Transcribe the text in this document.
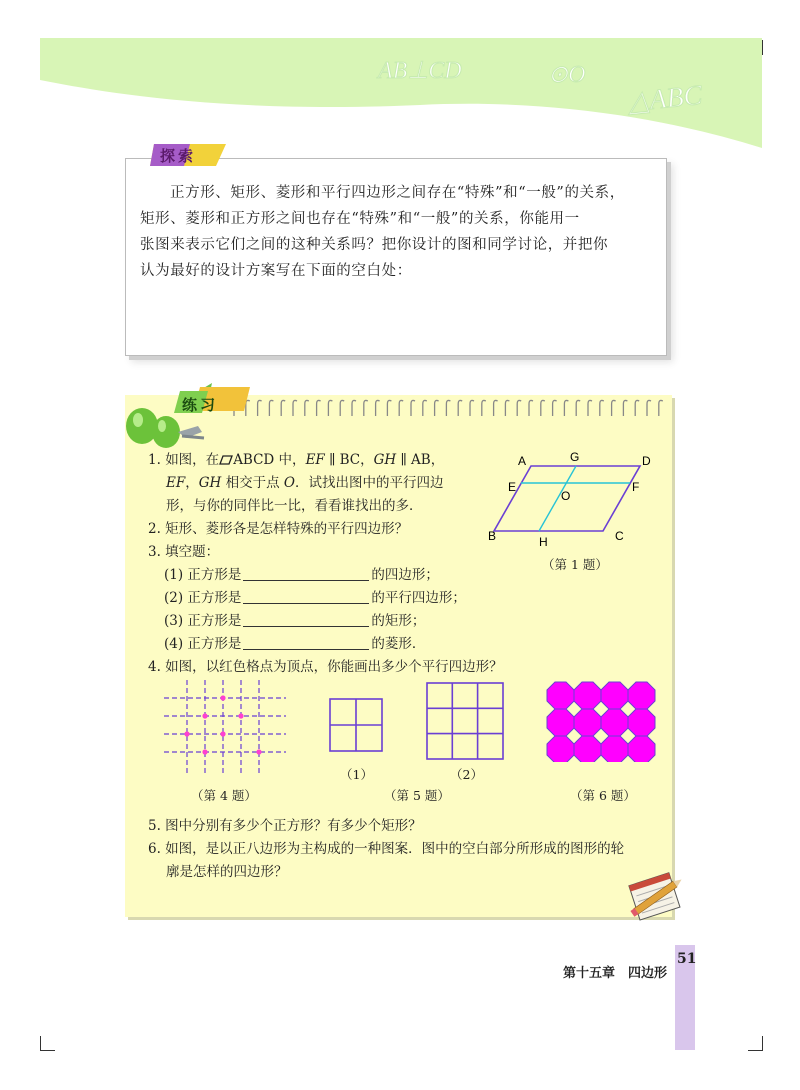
AB⊥CD	⊙O
△ABC
探索

正方形、矩形、菱形和平行四边形之间存在“特殊”和“一般”的关系，

矩形、菱形和正方形之间也存在“特殊”和“一般”的关系，你能用一

张图来表示它们之间的这种关系吗？把你设计的图和同学讨论，并把你

认为最好的设计方案写在下面的空白处：

练习
1. 如图，在 ABCD 中，EF ∥ BC，GH ∥ AB，
EF，GH 相交于点 O．试找出图中的平行四边
形，与你的同伴比一比，看看谁找出的多．
A	G	D
E
O
F
B	H	C
（第 1 题）
2. 矩形、菱形各是怎样特殊的平行四边形？
3. 填空题：
(1) 正方形是	的四边形；
(2) 正方形是	的平行四边形；
(3) 正方形是	的矩形；
(4) 正方形是	的菱形．
4. 如图，以红色格点为顶点，你能画出多少个平行四边形？
（第 4 题）
（1）	（2）
（第 5 题）	（第 6 题）
5. 图中分别有多少个正方形？有多少个矩形？
6. 如图，是以正八边形为主构成的一种图案．图中的空白部分所形成的图形的轮
廓是怎样的四边形？
第十五章　四边形
51
